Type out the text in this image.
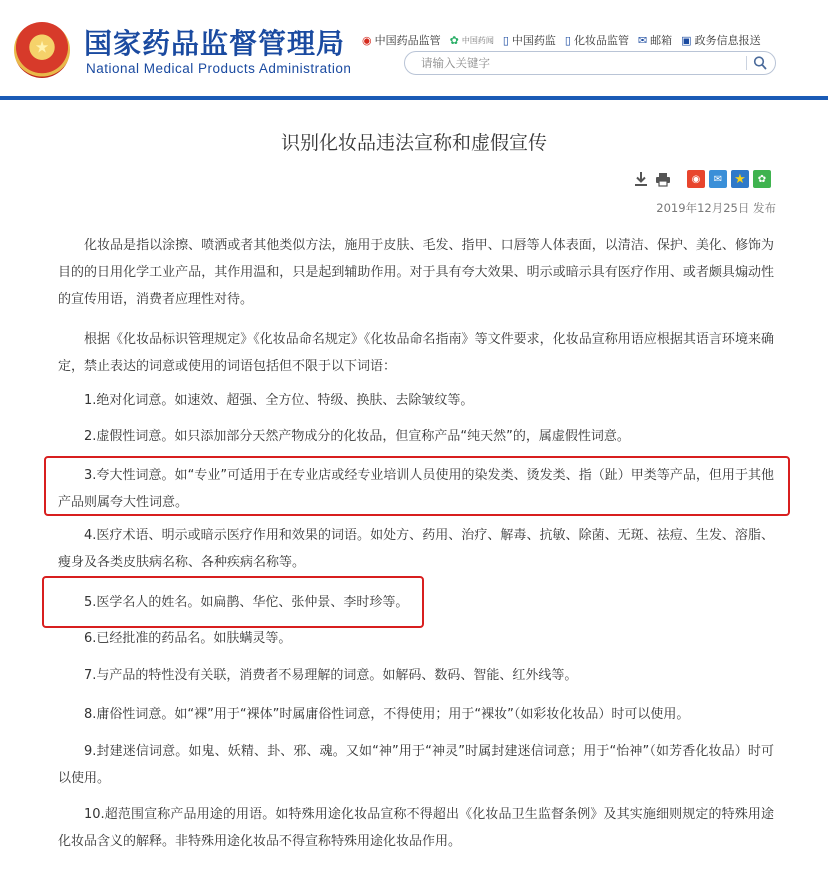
★ 国家药品监督管理局
National Medical Products Administration
◉ 中国药品监管 ✿ 中国药闻 ▯ 中国药监 ▯ 化妆品监管 ✉ 邮箱 ▣ 政务信息报送
请输入关键字
识别化妆品违法宣称和虚假宣传
◉	✉ ★	✿
2019年12月25日 发布

化妆品是指以涂擦、喷洒或者其他类似方法，施用于皮肤、毛发、指甲、口唇等人体表面，以清洁、保护、美化、修饰为目的的日用化学工业产品，其作用温和，只是起到辅助作用。对于具有夸大效果、明示或暗示具有医疗作用、或者颇具煽动性的宣传用语，消费者应理性对待。

根据《化妆品标识管理规定》《化妆品命名规定》《化妆品命名指南》等文件要求，化妆品宣称用语应根据其语言环境来确定，禁止表达的词意或使用的词语包括但不限于以下词语：

1.绝对化词意。如速效、超强、全方位、特级、换肤、去除皱纹等。

2.虚假性词意。如只添加部分天然产物成分的化妆品，但宣称产品“纯天然”的，属虚假性词意。

3.夸大性词意。如“专业”可适用于在专业店或经专业培训人员使用的染发类、烫发类、指（趾）甲类等产品，但用于其他产品则属夸大性词意。

4.医疗术语、明示或暗示医疗作用和效果的词语。如处方、药用、治疗、解毒、抗敏、除菌、无斑、祛痘、生发、溶脂、瘦身及各类皮肤病名称、各种疾病名称等。

5.医学名人的姓名。如扁鹊、华佗、张仲景、李时珍等。

6.已经批准的药品名。如肤螨灵等。

7.与产品的特性没有关联，消费者不易理解的词意。如解码、数码、智能、红外线等。

8.庸俗性词意。如“裸”用于“裸体”时属庸俗性词意，不得使用；用于“裸妆”（如彩妆化妆品）时可以使用。

9.封建迷信词意。如鬼、妖精、卦、邪、魂。又如“神”用于“神灵”时属封建迷信词意；用于“怡神”（如芳香化妆品）时可以使用。

10.超范围宣称产品用途的用语。如特殊用途化妆品宣称不得超出《化妆品卫生监督条例》及其实施细则规定的特殊用途化妆品含义的解释。非特殊用途化妆品不得宣称特殊用途化妆品作用。
